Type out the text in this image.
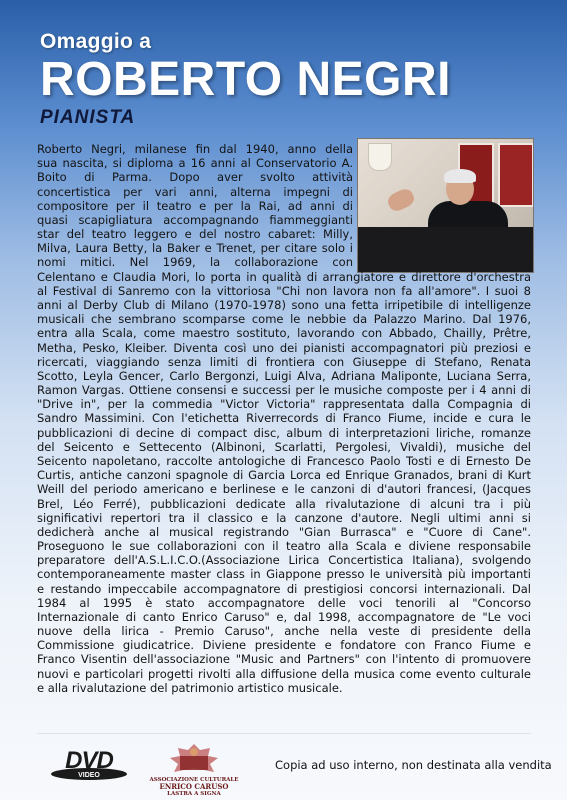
Omaggio a
ROBERTO NEGRI
PIANISTA
Roberto Negri, milanese fin dal 1940, anno della
sua nascita, si diploma a 16 anni al Conservatorio A.
Boito di Parma. Dopo aver svolto attività
concertistica per vari anni, alterna impegni di
compositore per il teatro e per la Rai, ad anni di
quasi scapigliatura accompagnando fiammeggianti
star del teatro leggero e del nostro cabaret: Milly,
Milva, Laura Betty, la Baker e Trenet, per citare solo i
nomi mitici. Nel 1969, la collaborazione con
Celentano e Claudia Mori, lo porta in qualità di arrangiatore e direttore d'orchestra
al Festival di Sanremo con la vittoriosa "Chi non lavora non fa all'amore". I suoi 8
anni al Derby Club di Milano (1970-1978) sono una fetta irripetibile di intelligenze
musicali che sembrano scomparse come le nebbie da Palazzo Marino. Dal 1976,
entra alla Scala, come maestro sostituto, lavorando con Abbado, Chailly, Prêtre,
Metha, Pesko, Kleiber. Diventa così uno dei pianisti accompagnatori più preziosi e
ricercati, viaggiando senza limiti di frontiera con Giuseppe di Stefano, Renata
Scotto, Leyla Gencer, Carlo Bergonzi, Luigi Alva, Adriana Maliponte, Luciana Serra,
Ramon Vargas. Ottiene consensi e successi per le musiche composte per i 4 anni di
"Drive in", per la commedia "Victor Victoria" rappresentata dalla Compagnia di
Sandro Massimini. Con l'etichetta Riverrecords di Franco Fiume, incide e cura le
pubblicazioni di decine di compact disc, album di interpretazioni liriche, romanze
del Seicento e Settecento (Albinoni, Scarlatti, Pergolesi, Vivaldi), musiche del
Seicento napoletano, raccolte antologiche di Francesco Paolo Tosti e di Ernesto De
Curtis, antiche canzoni spagnole di Garcia Lorca ed Enrique Granados, brani di Kurt
Weill del periodo americano e berlinese e le canzoni di d'autori francesi, (Jacques
Brel, Léo Ferré), pubblicazioni dedicate alla rivalutazione di alcuni tra i più
significativi repertori tra il classico e la canzone d'autore. Negli ultimi anni si
dedicherà anche al musical registrando "Gian Burrasca" e "Cuore di Cane".
Proseguono le sue collaborazioni con il teatro alla Scala e diviene responsabile
preparatore dell'A.S.L.I.C.O.(Associazione Lirica Concertistica Italiana), svolgendo
contemporaneamente master class in Giappone presso le università più importanti
e restando impeccabile accompagnatore di prestigiosi concorsi internazionali. Dal
1984 al 1995 è stato accompagnatore delle voci tenorili al "Concorso
Internazionale di canto Enrico Caruso" e, dal 1998, accompagnatore de "Le voci
nuove della lirica - Premio Caruso", anche nella veste di presidente della
Commissione giudicatrice. Diviene presidente e fondatore con Franco Fiume e
Franco Visentin dell'associazione "Music and Partners" con l'intento di promuovere
nuovi e particolari progetti rivolti alla diffusione della musica come evento culturale
e alla rivalutazione del patrimonio artistico musicale.
DVD
VIDEO
ASSOCIAZIONE CULTURALE
ENRICO CARUSO
LASTRA A SIGNA
Copia ad uso interno, non destinata alla vendita
